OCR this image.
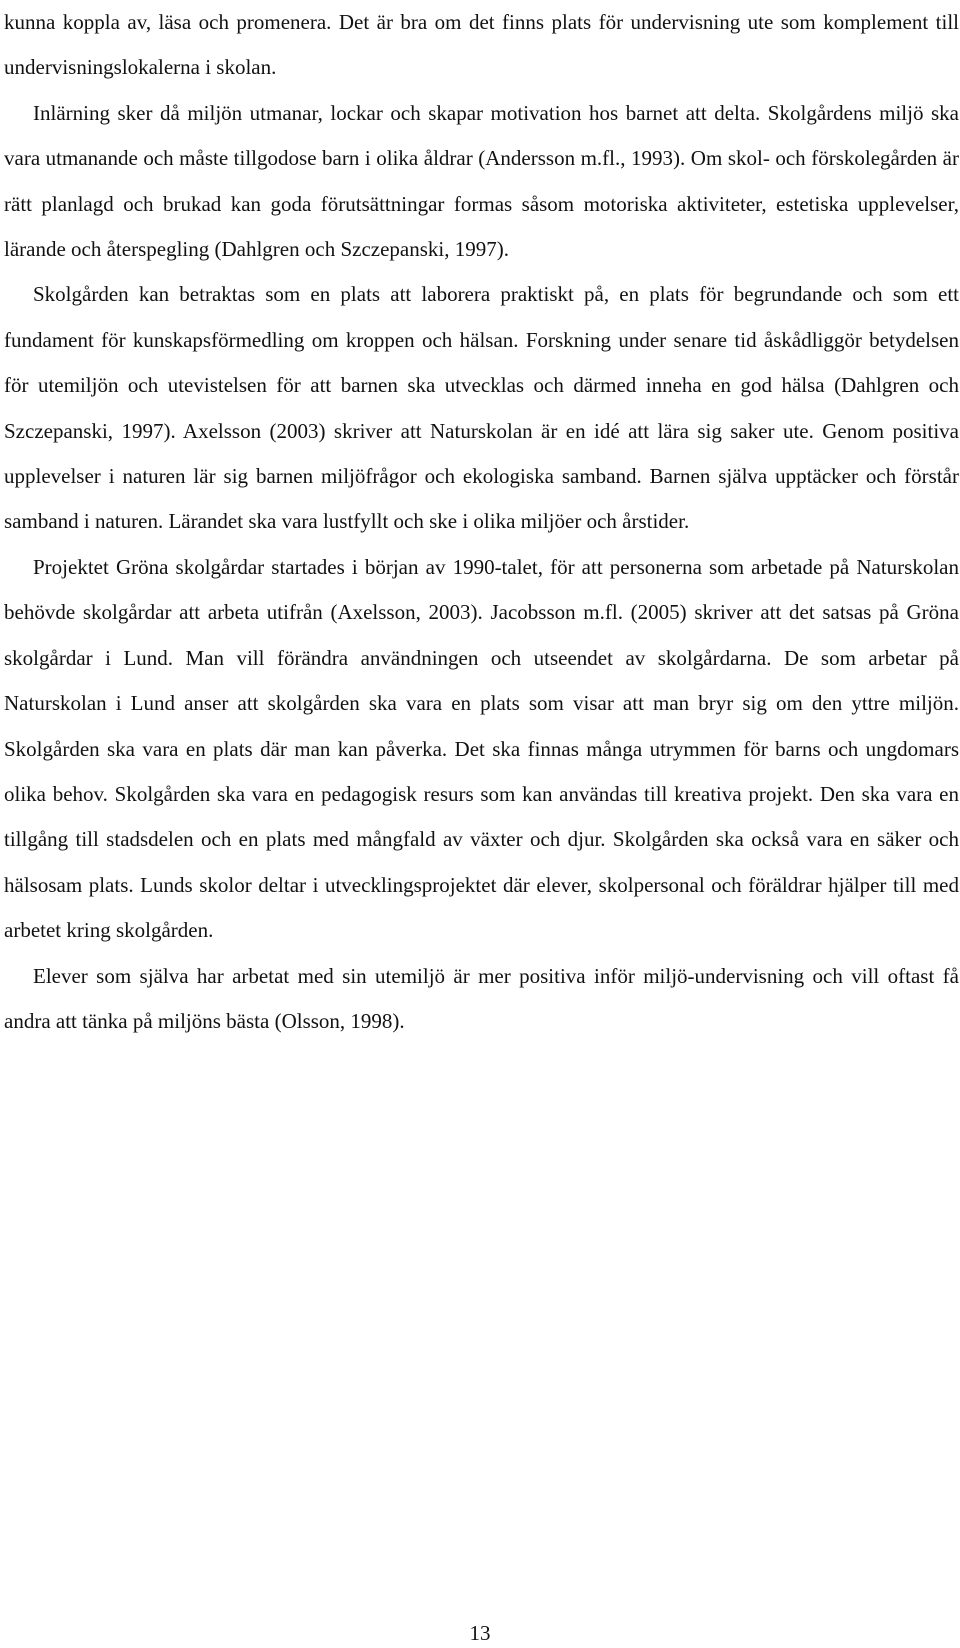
kunna koppla av, läsa och promenera. Det är bra om det finns plats för undervisning ute som komplement till undervisningslokalerna i skolan.

Inlärning sker då miljön utmanar, lockar och skapar motivation hos barnet att delta. Skolgårdens miljö ska vara utmanande och måste tillgodose barn i olika åldrar (Andersson m.fl., 1993). Om skol- och förskolegården är rätt planlagd och brukad kan goda förutsättningar formas såsom motoriska aktiviteter, estetiska upplevelser, lärande och återspegling (Dahlgren och Szczepanski, 1997).

Skolgården kan betraktas som en plats att laborera praktiskt på, en plats för begrundande och som ett fundament för kunskapsförmedling om kroppen och hälsan. Forskning under senare tid åskådliggör betydelsen för utemiljön och utevistelsen för att barnen ska utvecklas och därmed inneha en god hälsa (Dahlgren och Szczepanski, 1997). Axelsson (2003) skriver att Naturskolan är en idé att lära sig saker ute. Genom positiva upplevelser i naturen lär sig barnen miljöfrågor och ekologiska samband. Barnen själva upptäcker och förstår samband i naturen. Lärandet ska vara lustfyllt och ske i olika miljöer och årstider.

Projektet Gröna skolgårdar startades i början av 1990-talet, för att personerna som arbetade på Naturskolan behövde skolgårdar att arbeta utifrån (Axelsson, 2003). Jacobsson m.fl. (2005) skriver att det satsas på Gröna skolgårdar i Lund. Man vill förändra användningen och utseendet av skolgårdarna. De som arbetar på Naturskolan i Lund anser att skolgården ska vara en plats som visar att man bryr sig om den yttre miljön. Skolgården ska vara en plats där man kan påverka. Det ska finnas många utrymmen för barns och ungdomars olika behov. Skolgården ska vara en pedagogisk resurs som kan användas till kreativa projekt. Den ska vara en tillgång till stadsdelen och en plats med mångfald av växter och djur. Skolgården ska också vara en säker och hälsosam plats. Lunds skolor deltar i utvecklingsprojektet där elever, skolpersonal och föräldrar hjälper till med arbetet kring skolgården.

Elever som själva har arbetat med sin utemiljö är mer positiva inför miljö-undervisning och vill oftast få andra att tänka på miljöns bästa (Olsson, 1998).

13
